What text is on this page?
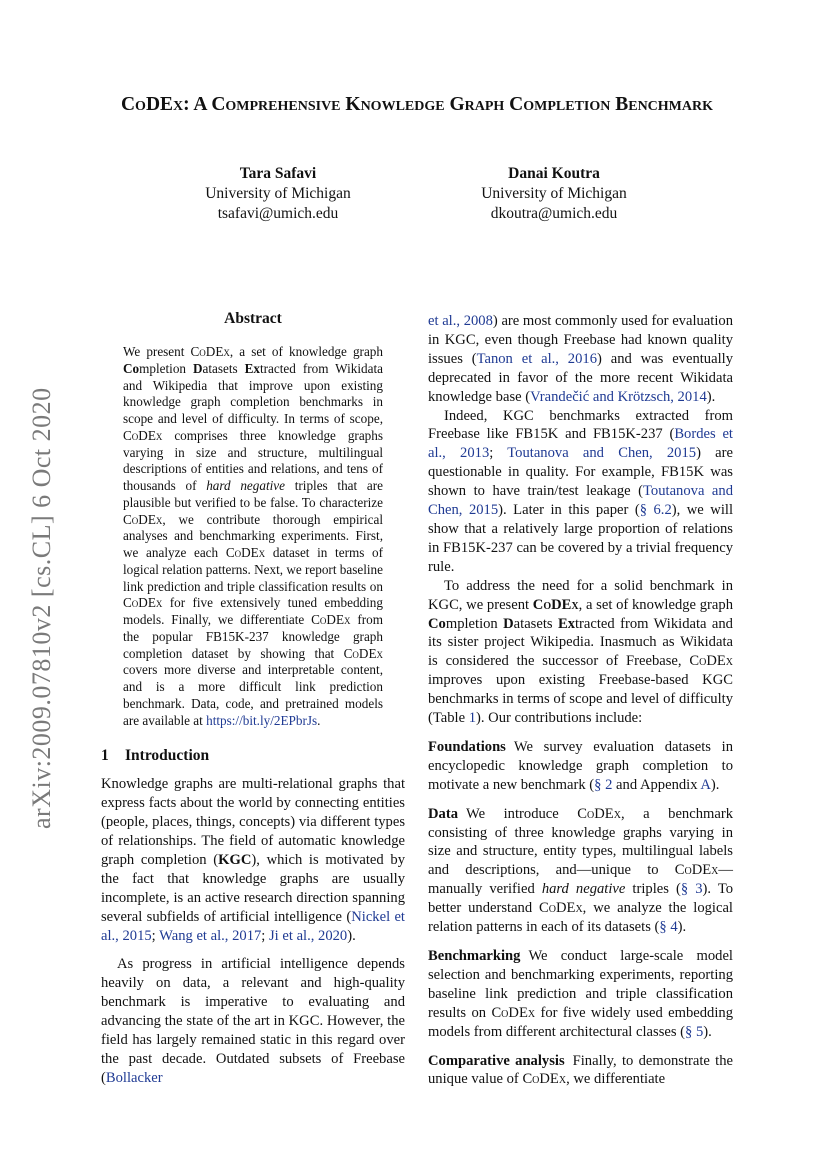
arXiv:2009.07810v2 [cs.CL] 6 Oct 2020
CoDEx: A Comprehensive Knowledge Graph Completion Benchmark
Tara Safavi
University of Michigan
tsafavi@umich.edu
Danai Koutra
University of Michigan
dkoutra@umich.edu
Abstract
We present CoDEx, a set of knowledge graph Completion Datasets Extracted from Wikidata and Wikipedia that improve upon existing knowledge graph completion benchmarks in scope and level of difficulty. In terms of scope, CoDEx comprises three knowledge graphs varying in size and structure, multilingual descriptions of entities and relations, and tens of thousands of hard negative triples that are plausible but verified to be false. To characterize CoDEx, we contribute thorough empirical analyses and benchmarking experiments. First, we analyze each CoDEx dataset in terms of logical relation patterns. Next, we report baseline link prediction and triple classification results on CoDEx for five extensively tuned embedding models. Finally, we differentiate CoDEx from the popular FB15K-237 knowledge graph completion dataset by showing that CoDEx covers more diverse and interpretable content, and is a more difficult link prediction benchmark. Data, code, and pretrained models are available at https://bit.ly/2EPbrJs.
1 Introduction

Knowledge graphs are multi-relational graphs that express facts about the world by connecting entities (people, places, things, concepts) via different types of relationships. The field of automatic knowledge graph completion (KGC), which is motivated by the fact that knowledge graphs are usually incomplete, is an active research direction spanning several subfields of artificial intelligence (Nickel et al., 2015; Wang et al., 2017; Ji et al., 2020).

As progress in artificial intelligence depends heavily on data, a relevant and high-quality benchmark is imperative to evaluating and advancing the state of the art in KGC. However, the field has largely remained static in this regard over the past decade. Outdated subsets of Freebase (Bollacker

et al., 2008) are most commonly used for evaluation in KGC, even though Freebase had known quality issues (Tanon et al., 2016) and was eventually deprecated in favor of the more recent Wikidata knowledge base (Vrandečić and Krötzsch, 2014).

Indeed, KGC benchmarks extracted from Freebase like FB15K and FB15K-237 (Bordes et al., 2013; Toutanova and Chen, 2015) are questionable in quality. For example, FB15K was shown to have train/test leakage (Toutanova and Chen, 2015). Later in this paper (§ 6.2), we will show that a relatively large proportion of relations in FB15K-237 can be covered by a trivial frequency rule.

To address the need for a solid benchmark in KGC, we present CoDEx, a set of knowledge graph Completion Datasets Extracted from Wikidata and its sister project Wikipedia. Inasmuch as Wikidata is considered the successor of Freebase, CoDEx improves upon existing Freebase-based KGC benchmarks in terms of scope and level of difficulty (Table 1). Our contributions include:

Foundations We survey evaluation datasets in encyclopedic knowledge graph completion to motivate a new benchmark (§ 2 and Appendix A).

Data We introduce CoDEx, a benchmark consisting of three knowledge graphs varying in size and structure, entity types, multilingual labels and descriptions, and—unique to CoDEx—manually verified hard negative triples (§ 3). To better understand CoDEx, we analyze the logical relation patterns in each of its datasets (§ 4).

Benchmarking We conduct large-scale model selection and benchmarking experiments, reporting baseline link prediction and triple classification results on CoDEx for five widely used embedding models from different architectural classes (§ 5).

Comparative analysis Finally, to demonstrate the unique value of CoDEx, we differentiate
